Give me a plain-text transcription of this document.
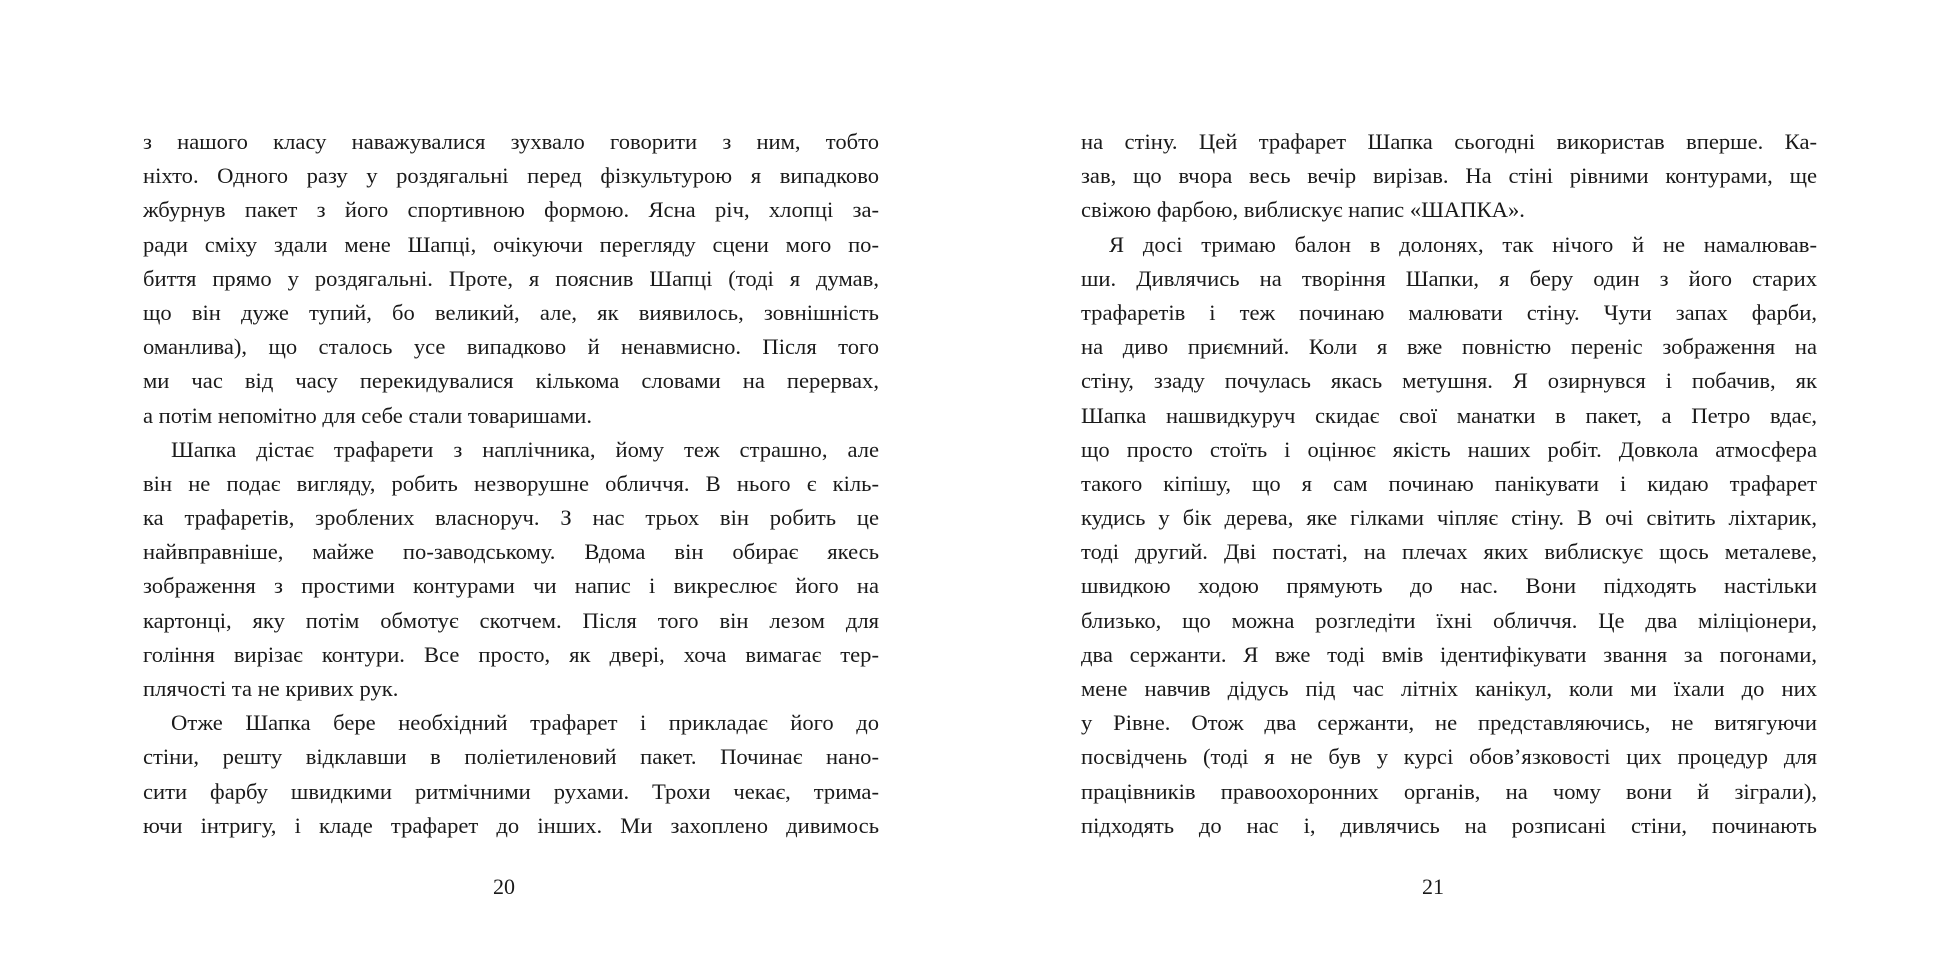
з нашого класу наважувалися зухвало говорити з ним, тобто
ніхто. Одного разу у роздягальні перед фізкультурою я випадково
жбурнув пакет з його спортивною формою. Ясна річ, хлопці за-
ради сміху здали мене Шапці, очікуючи перегляду сцени мого по-
биття прямо у роздягальні. Проте, я пояснив Шапці (тоді я думав,
що він дуже тупий, бо великий, але, як виявилось, зовнішність
оманлива), що сталось усе випадково й ненавмисно. Після того
ми час від часу перекидувалися кількома словами на перервах,
а потім непомітно для себе стали товаришами.
Шапка дістає трафарети з наплічника, йому теж страшно, але
він не подає вигляду, робить незворушне обличчя. В нього є кіль-
ка трафаретів, зроблених власноруч. З нас трьох він робить це
найвправніше, майже по-заводському. Вдома він обирає якесь
зображення з простими контурами чи напис і викреслює його на
картонці, яку потім обмотує скотчем. Після того він лезом для
гоління вирізає контури. Все просто, як двері, хоча вимагає тер-
плячості та не кривих рук.
Отже Шапка бере необхідний трафарет і прикладає його до
стіни, решту відклавши в поліетиленовий пакет. Починає нано-
сити фарбу швидкими ритмічними рухами. Трохи чекає, трима-
ючи інтригу, і кладе трафарет до інших. Ми захоплено дивимось
20
на стіну. Цей трафарет Шапка сьогодні використав вперше. Ка-
зав, що вчора весь вечір вирізав. На стіні рівними контурами, ще
свіжою фарбою, виблискує напис «ШАПКА».
Я досі тримаю балон в долонях, так нічого й не намалював-
ши. Дивлячись на творіння Шапки, я беру один з його старих
трафаретів і теж починаю малювати стіну. Чути запах фарби,
на диво приємний. Коли я вже повністю переніс зображення на
стіну, ззаду почулась якась метушня. Я озирнувся і побачив, як
Шапка нашвидкуруч скидає свої манатки в пакет, а Петро вдає,
що просто стоїть і оцінює якість наших робіт. Довкола атмосфера
такого кіпішу, що я сам починаю панікувати і кидаю трафарет
кудись у бік дерева, яке гілками чіпляє стіну. В очі світить ліхтарик,
тоді другий. Дві постаті, на плечах яких виблискує щось металеве,
швидкою ходою прямують до нас. Вони підходять настільки
близько, що можна розгледіти їхні обличчя. Це два міліціонери,
два сержанти. Я вже тоді вмів ідентифікувати звання за погонами,
мене навчив дідусь під час літніх канікул, коли ми їхали до них
у Рівне. Отож два сержанти, не представляючись, не витягуючи
посвідчень (тоді я не був у курсі обов’язковості цих процедур для
працівників правоохоронних органів, на чому вони й зіграли),
підходять до нас і, дивлячись на розписані стіни, починають
21
